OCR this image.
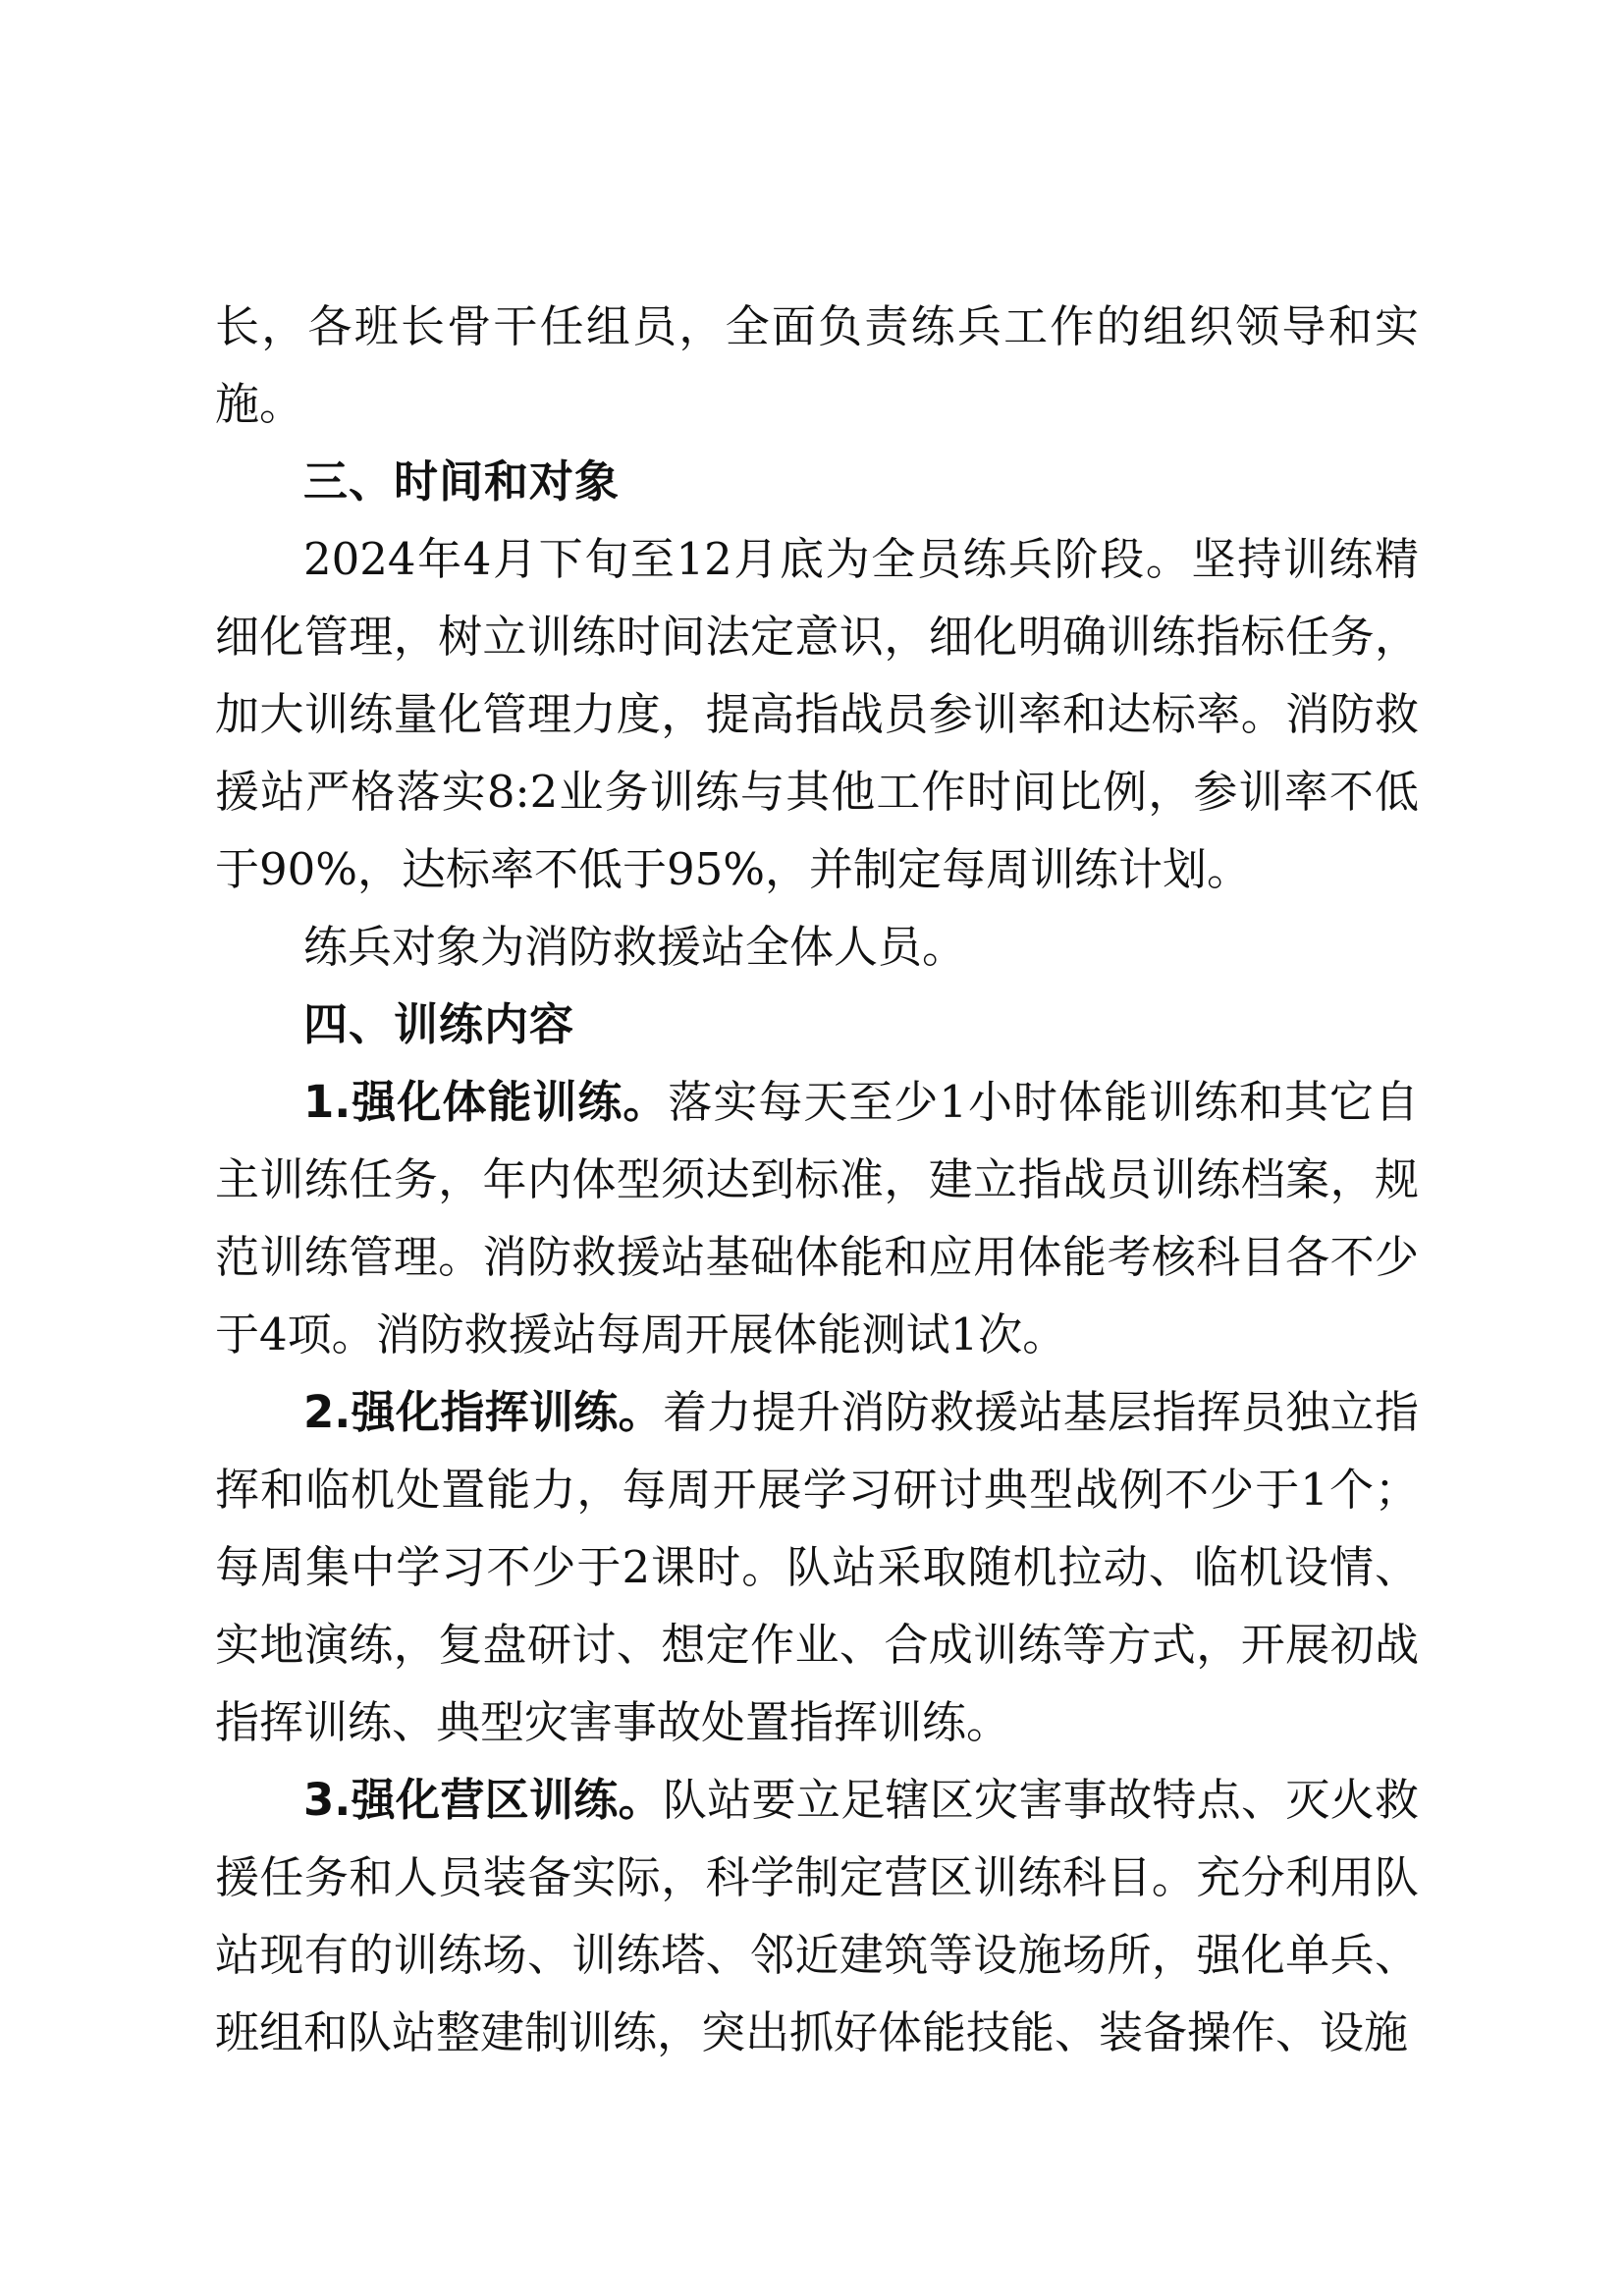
长，各班长骨干任组员，全面负责练兵工作的组织领导和实施。

三、时间和对象

2024年4月下旬至12月底为全员练兵阶段。坚持训练精细化管理，树立训练时间法定意识，细化明确训练指标任务，加大训练量化管理力度，提高指战员参训率和达标率。消防救援站严格落实8:2业务训练与其他工作时间比例，参训率不低于90%，达标率不低于95%，并制定每周训练计划。

练兵对象为消防救援站全体人员。

四、训练内容

1.强化体能训练。落实每天至少1小时体能训练和其它自主训练任务，年内体型须达到标准，建立指战员训练档案，规范训练管理。消防救援站基础体能和应用体能考核科目各不少于4项。消防救援站每周开展体能测试1次。

2.强化指挥训练。着力提升消防救援站基层指挥员独立指挥和临机处置能力，每周开展学习研讨典型战例不少于1个；每周集中学习不少于2课时。队站采取随机拉动、临机设情、实地演练，复盘研讨、想定作业、合成训练等方式，开展初战指挥训练、典型灾害事故处置指挥训练。

3.强化营区训练。队站要立足辖区灾害事故特点、灭火救援任务和人员装备实际，科学制定营区训练科目。充分利用队站现有的训练场、训练塔、邻近建筑等设施场所，强化单兵、班组和队站整建制训练，突出抓好体能技能、装备操作、设施
